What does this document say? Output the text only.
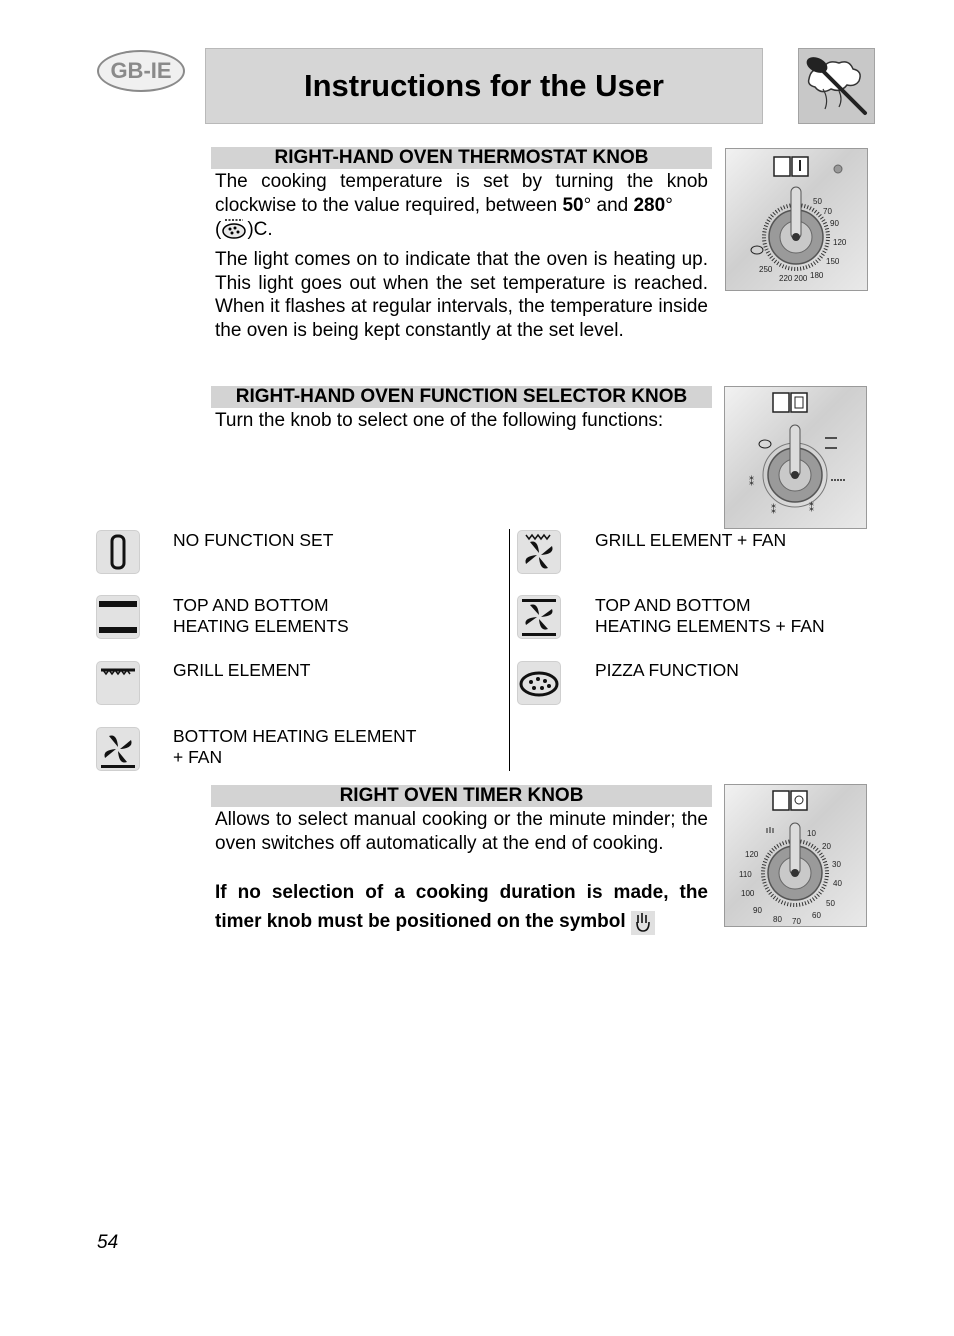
GB-IE	Instructions for the User
RIGHT-HAND OVEN THERMOSTAT KNOB
The cooking temperature is set by turning the knob clockwise to the value required, between 50° and 280°
( )C.
The light comes on to indicate that the oven is heating up. This light goes out when the set temperature is reached. When it flashes at regular intervals, the temperature inside the oven is being kept constantly at the set level.
50
70
90
120
150
180
200
220
250
RIGHT-HAND OVEN FUNCTION SELECTOR KNOB
Turn the knob to select one of the following functions:
⁑
⁑
⁑
NO FUNCTION SET
TOP AND BOTTOM
HEATING ELEMENTS
GRILL ELEMENT
BOTTOM HEATING ELEMENT
+ FAN
GRILL ELEMENT + FAN
TOP AND BOTTOM
HEATING ELEMENTS + FAN
PIZZA FUNCTION
RIGHT OVEN TIMER KNOB
Allows to select manual cooking or the minute minder; the oven switches off automatically at the end of cooking.
If no selection of a cooking duration is made, the timer knob must be positioned on the symbol
10
20
30
40
50
60
70
80
90
100
110
120
54
